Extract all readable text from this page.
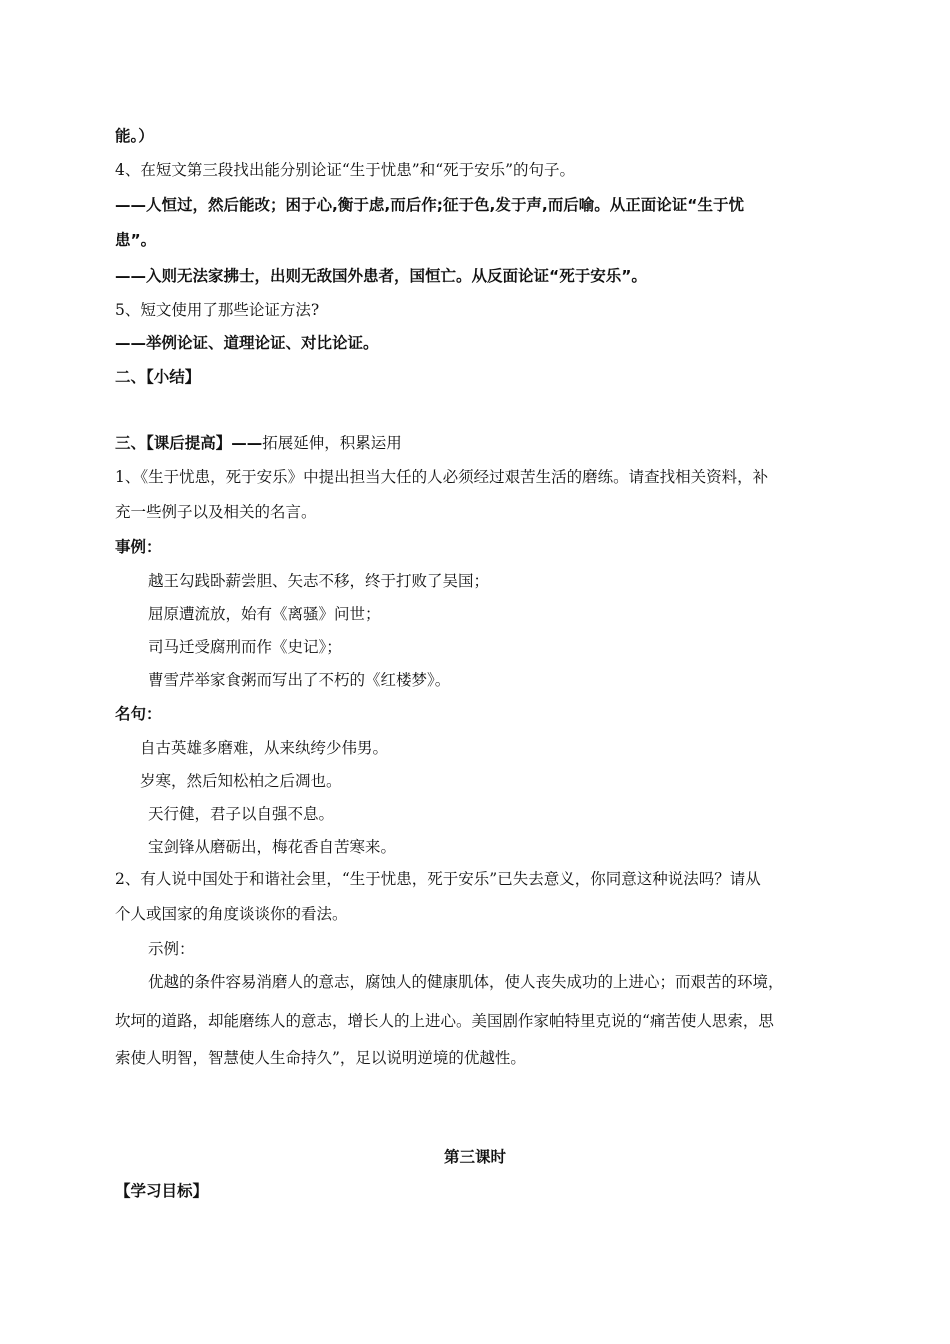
能。）
4、在短文第三段找出能分别论证“生于忧患”和“死于安乐”的句子。
——人恒过，然后能改；困于心,衡于虑,而后作;征于色,发于声,而后喻。从正面论证“生于忧
患”。
——入则无法家拂士，出则无敌国外患者，国恒亡。从反面论证“死于安乐”。
5、短文使用了那些论证方法?
——举例论证、道理论证、对比论证。
二、【小结】
三、【课后提高】——拓展延伸，积累运用
1、《生于忧患，死于安乐》中提出担当大任的人必须经过艰苦生活的磨练。请查找相关资料，补
充一些例子以及相关的名言。
事例：
越王勾践卧薪尝胆、矢志不移，终于打败了吴国；
屈原遭流放，始有《离骚》问世；
司马迁受腐刑而作《史记》；
曹雪芹举家食粥而写出了不朽的《红楼梦》。
名句：
自古英雄多磨难，从来纨绔少伟男。
岁寒，然后知松柏之后凋也。
天行健，君子以自强不息。
宝剑锋从磨砺出，梅花香自苦寒来。
2、有人说中国处于和谐社会里，“生于忧患，死于安乐”已失去意义，你同意这种说法吗？请从
个人或国家的角度谈谈你的看法。
示例：
优越的条件容易消磨人的意志，腐蚀人的健康肌体，使人丧失成功的上进心；而艰苦的环境，
坎坷的道路，却能磨练人的意志，增长人的上进心。美国剧作家帕特里克说的“痛苦使人思索，思
索使人明智，智慧使人生命持久”，足以说明逆境的优越性。
第三课时
【学习目标】
